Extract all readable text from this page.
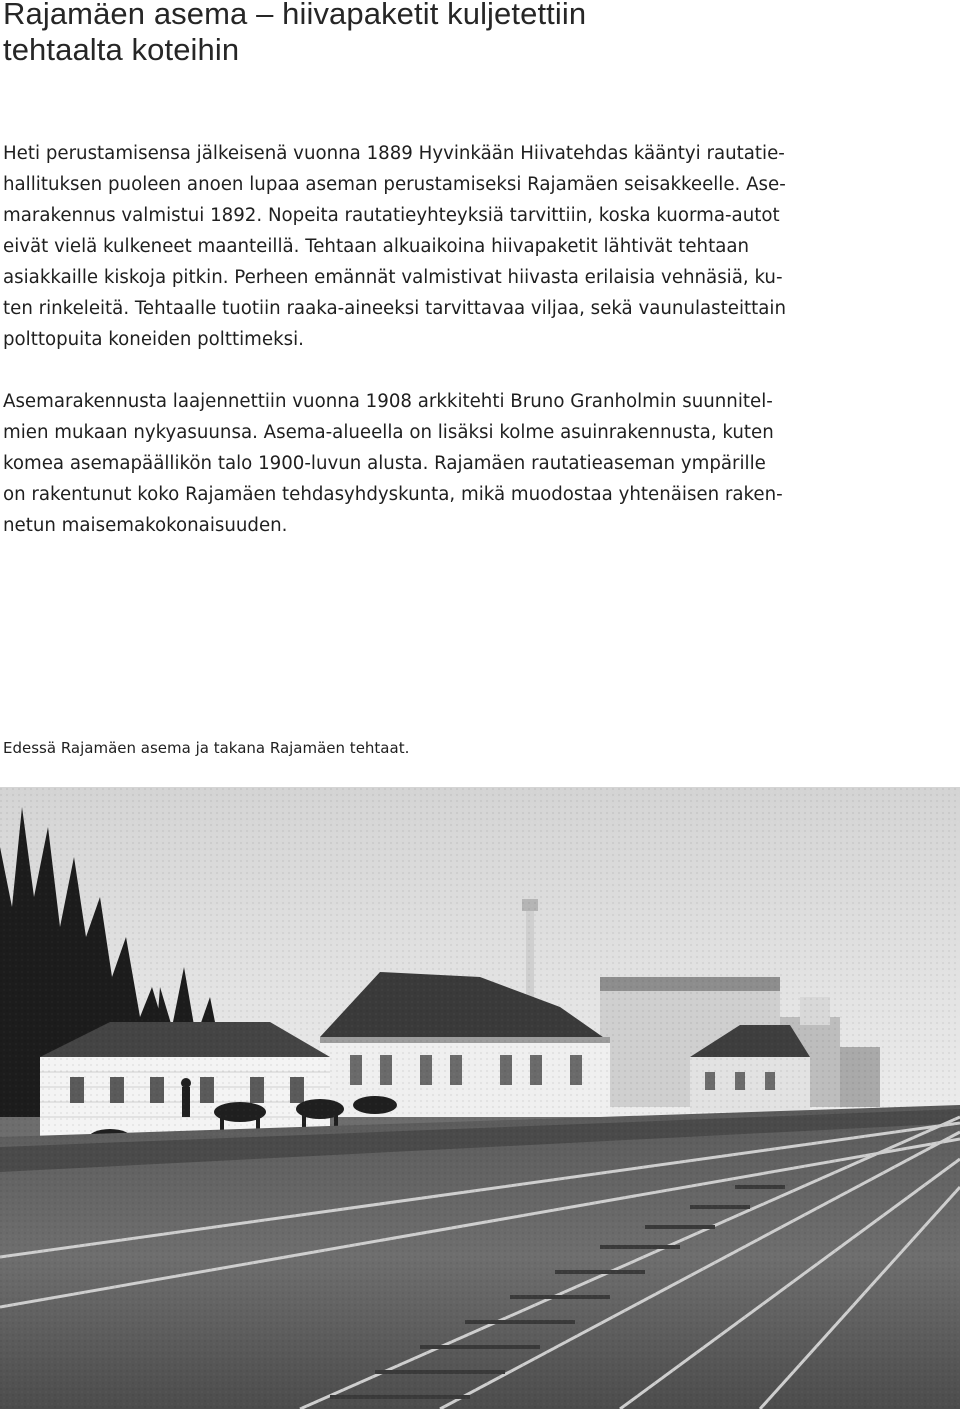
Rajamäen asema – hiivapaketit kuljetettiin
tehtaalta koteihin

Heti perustamisensa jälkeisenä vuonna 1889 Hyvinkään Hiivatehdas kääntyi rautatie-
hallituksen puoleen anoen lupaa aseman perustamiseksi Rajamäen seisakkeelle. Ase-
marakennus valmistui 1892. Nopeita rautatieyhteyksiä tarvittiin, koska kuorma-autot
eivät vielä kulkeneet maanteillä. Tehtaan alkuaikoina hiivapaketit lähtivät tehtaan
asiakkaille kiskoja pitkin. Perheen emännät valmistivat hiivasta erilaisia vehnäsiä, ku-
ten rinkeleitä. Tehtaalle tuotiin raaka-aineeksi tarvittavaa viljaa, sekä vaunulasteittain
polttopuita koneiden polttimeksi.

Asemarakennusta laajennettiin vuonna 1908 arkkitehti Bruno Granholmin suunnitel-
mien mukaan nykyasuunsa. Asema-alueella on lisäksi kolme asuinrakennusta, kuten
komea asemapäällikön talo 1900-luvun alusta. Rajamäen rautatieaseman ympärille
on rakentunut koko Rajamäen tehdasyhdyskunta, mikä muodostaa yhtenäisen raken-
netun maisemakokonaisuuden.

Edessä Rajamäen asema ja takana Rajamäen tehtaat.
